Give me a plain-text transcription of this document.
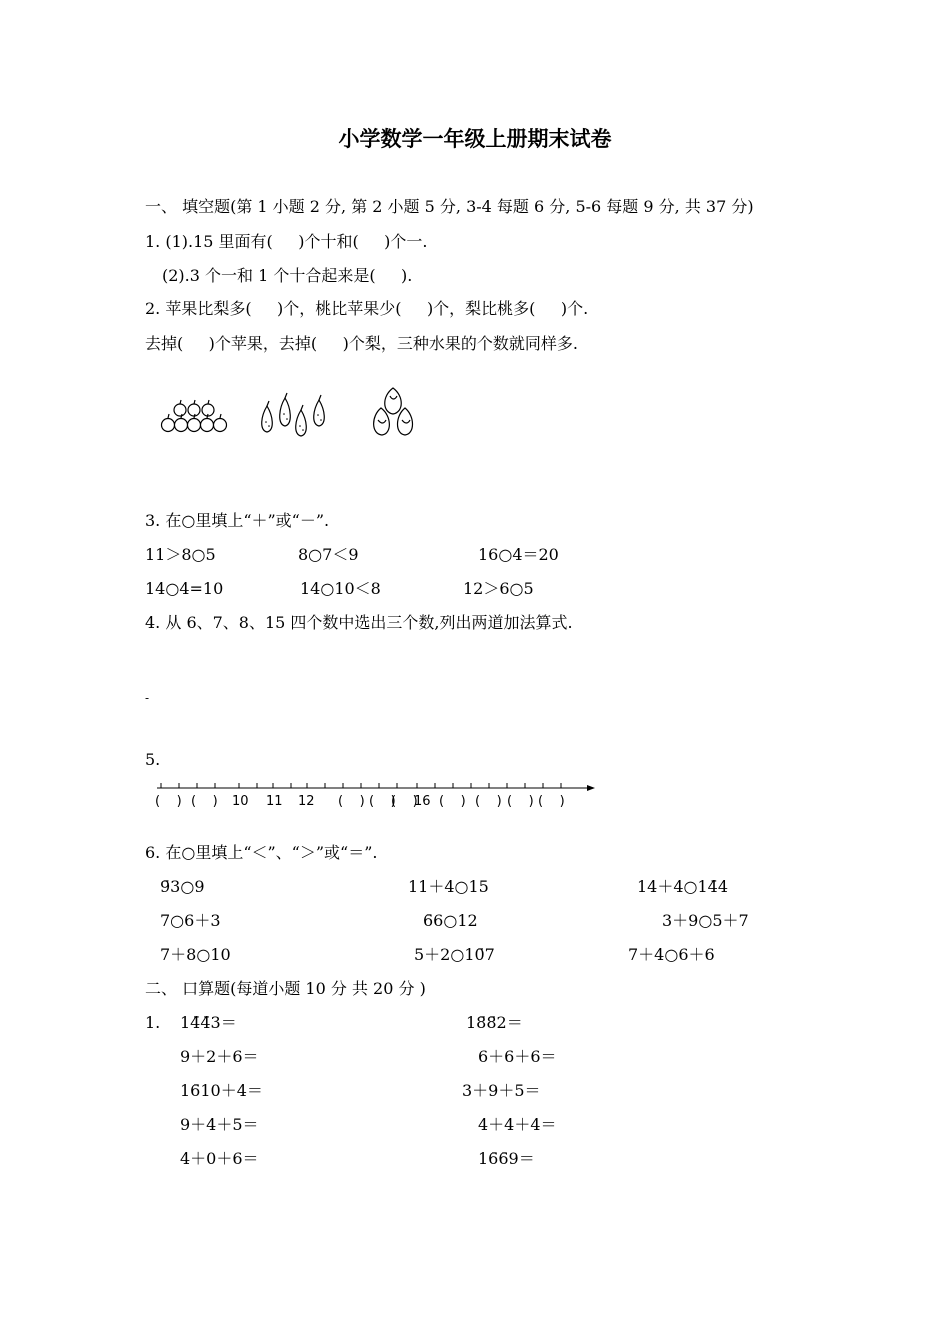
小学数学一年级上册期末试卷
一、 填空题(第 1 小题 2 分, 第 2 小题 5 分, 3-4 每题 6 分, 5-6 每题 9 分, 共 37 分)
1. (1).15 里面有(     )个十和(     )个一.
(2).3 个一和 1 个十合起来是(     ).
2. 苹果比梨多(     )个，桃比苹果少(     )个，梨比桃多(     )个.
去掉(     )个苹果，去掉(     )个梨，三种水果的个数就同样多.
3. 在○里填上“＋”或“－”.
11＞8○5	8○7＜9	16○4＝20
14○4=10	14○10＜8	12＞6○5
4. 从 6、7、8、15 四个数中选出三个数,列出两道加法算式.
-
5.
(    ) (    ) 10 11 12 (    ) (    )
(    )
16 (    ) (    ) (    ) (    )
6. 在○里填上“＜”、“＞”或“＝”.
9̄3○9	11＋4○15	14＋4○14̄4
7○6＋3	6̄6○12	3＋9○5＋7
7＋8○10	5＋2○10̄7	7＋4○6＋6
二、 口算题(每道小题 10 分 共 20 分 )
1. 14̄4̄3＝	18̄8̄2＝
9＋2＋6＝	6＋6＋6＝
16̄10＋4＝	3＋9＋5＝
9＋4＋5＝	4＋4＋4＝
4＋0＋6＝	16̄6̄9＝
